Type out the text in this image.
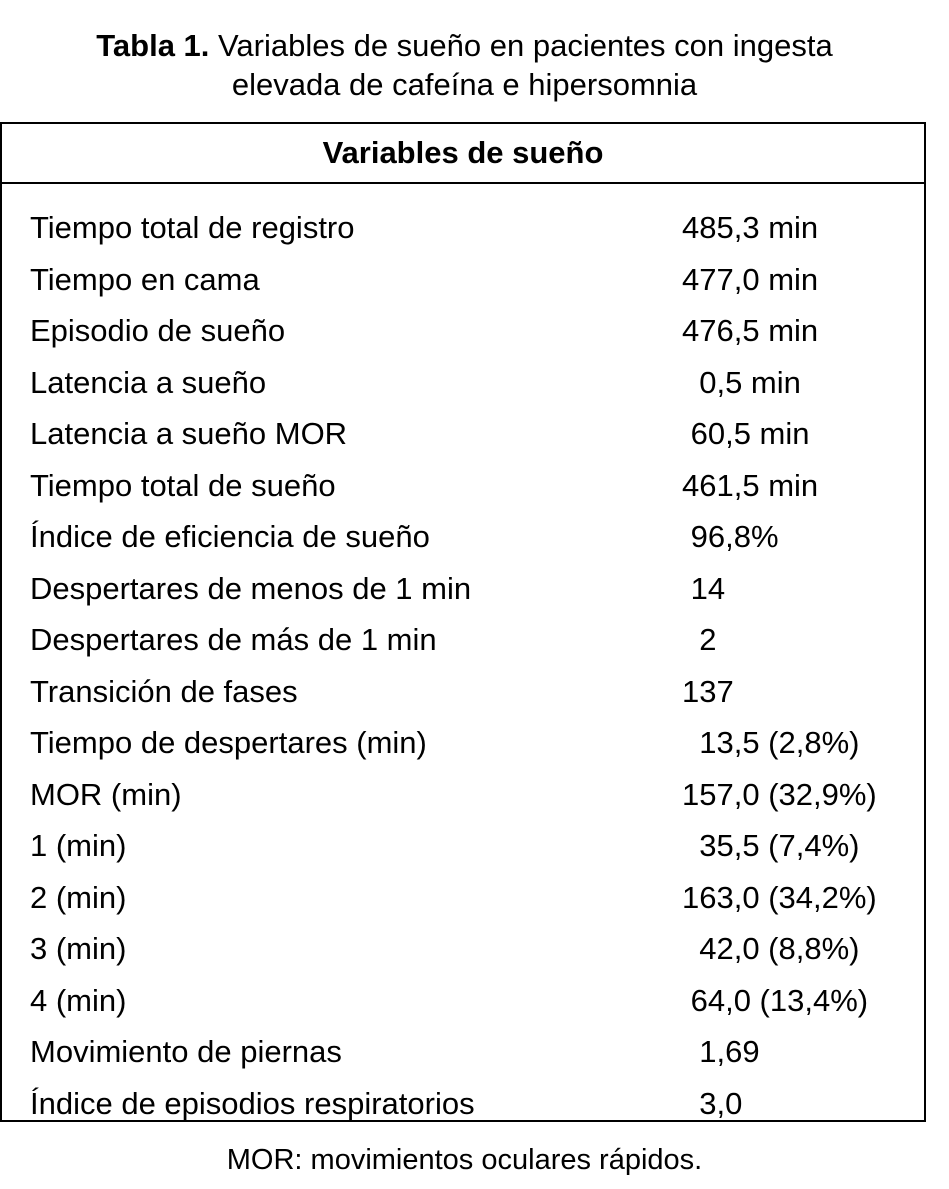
Tabla 1. Variables de sueño en pacientes con ingesta
elevada de cafeína e hipersomnia
Variables de sueño
Tiempo total de registro	485,3 min
Tiempo en cama	477,0 min
Episodio de sueño	476,5 min
Latencia a sueño	0,5 min
Latencia a sueño MOR	60,5 min
Tiempo total de sueño	461,5 min
Índice de eficiencia de sueño	96,8%
Despertares de menos de 1 min	14
Despertares de más de 1 min	2
Transición de fases	137
Tiempo de despertares (min)	13,5 (2,8%)
MOR (min)	157,0 (32,9%)
1 (min)	35,5 (7,4%)
2 (min)	163,0 (34,2%)
3 (min)	42,0 (8,8%)
4 (min)	64,0 (13,4%)
Movimiento de piernas	1,69
Índice de episodios respiratorios	3,0
MOR: movimientos oculares rápidos.
